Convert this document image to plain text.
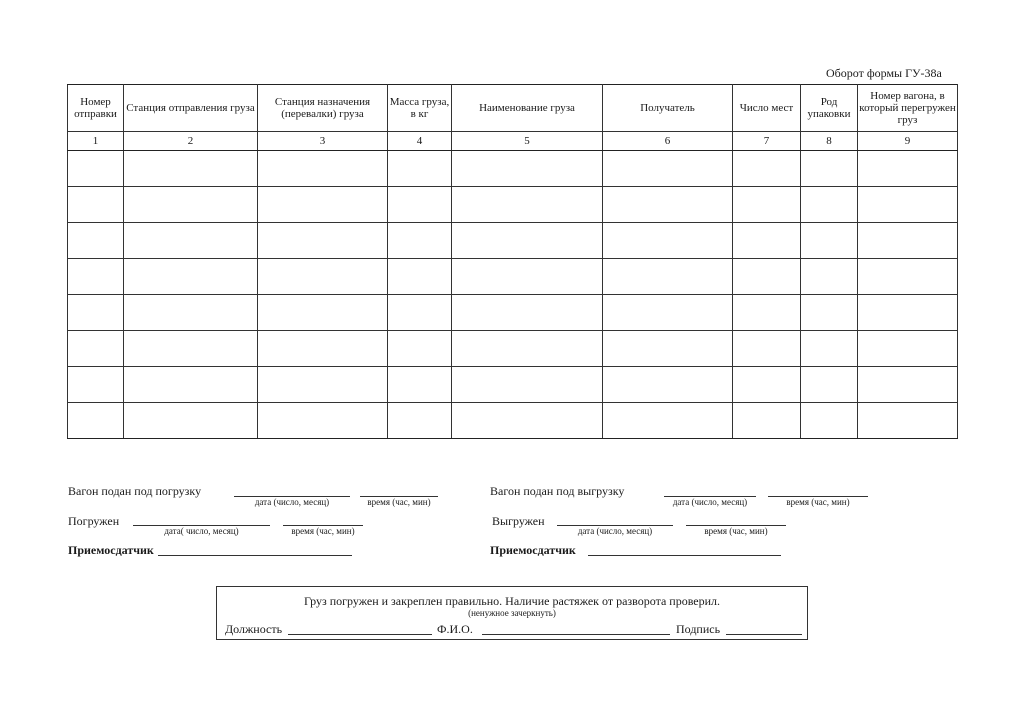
Оборот формы ГУ-38а
Номер отправки	Станция отправления груза	Станция назначения (перевалки) груза	Масса груза, в кг	Наименование груза	Получатель	Число мест	Род упаковки	Номер вагона, в который перегружен груз
1	2	3	4	5	6	7	8	9

Вагон подан под погрузку
дата (число, месяц)	время (час, мин)
Погружен
дата( число, месяц)	время (час, мин)
Приемосдатчик
Вагон подан под выгрузку
дата (число, месяц)	время (час, мин)
Выгружен
дата (число, месяц)	время (час, мин)
Приемосдатчик
Груз погружен и закреплен правильно. Наличие растяжек от разворота проверил.
(ненужное зачеркнуть)
Должность	Ф.И.О.	Подпись
